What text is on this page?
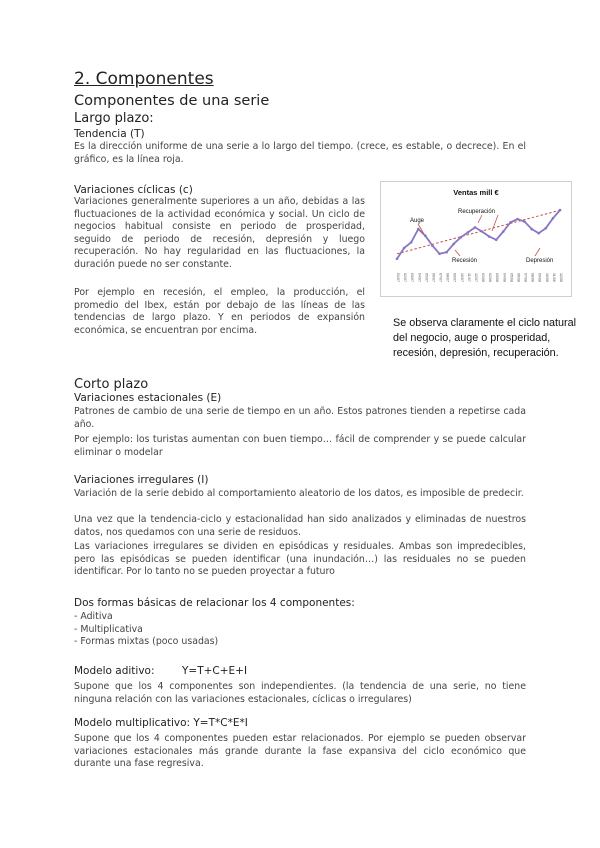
2. Componentes
Componentes de una serie
Largo plazo:
Tendencia (T)
Es la dirección uniforme de una serie a lo largo del tiempo. (crece, es estable, o decrece). En el gráfico, es la línea roja.
Variaciones cíclicas (c)
Variaciones generalmente superiores a un año, debidas a las fluctuaciones de la actividad económica y social. Un ciclo de negocios habitual consiste en periodo de prosperidad, seguido de periodo de recesión, depresión y luego recuperación. No hay regularidad en las fluctuaciones, la duración puede no ser constante.
Por ejemplo en recesión, el empleo, la producción, el promedio del Ibex, están por debajo de las líneas de las tendencias de largo plazo. Y en periodos de expansión económica, se encuentran por encima.
Ventas mill €
01/07 02/07 03/07 04/07 05/07 06/07 07/07 08/07 09/07 10/07 11/07 12/07 01/08 02/08 03/08 04/08 05/08 06/08 07/08 08/08 09/08 10/08 11/08 12/08
Auge
Recuperación
Recesión	Depresión
Se observa claramente el ciclo natural del negocio, auge o prosperidad, recesión, depresión, recuperación.
Corto plazo
Variaciones estacionales (E)
Patrones de cambio de una serie de tiempo en un año. Estos patrones tienden a repetirse cada año.
Por ejemplo: los turistas aumentan con buen tiempo… fácil de comprender y se puede calcular eliminar o modelar
Variaciones irregulares (I)
Variación de la serie debido al comportamiento aleatorio de los datos, es imposible de predecir.
Una vez que la tendencia-ciclo y estacionalidad han sido analizados y eliminadas de nuestros datos, nos quedamos con una serie de residuos.
Las variaciones irregulares se dividen en episódicas y residuales. Ambas son impredecibles, pero las episódicas se pueden identificar (una inundación…) las residuales no se pueden identificar. Por lo tanto no se pueden proyectar a futuro
Dos formas básicas de relacionar los 4 componentes:
- Aditiva
- Multiplicativa
- Formas mixtas (poco usadas)
Modelo aditivo:	Y=T+C+E+I
Supone que los 4 componentes son independientes. (la tendencia de una serie, no tiene ninguna relación con las variaciones estacionales, cíclicas o irregulares)
Modelo multiplicativo: Y=T*C*E*I
Supone que los 4 componentes pueden estar relacionados. Por ejemplo se pueden observar variaciones estacionales más grande durante la fase expansiva del ciclo económico que durante una fase regresiva.
